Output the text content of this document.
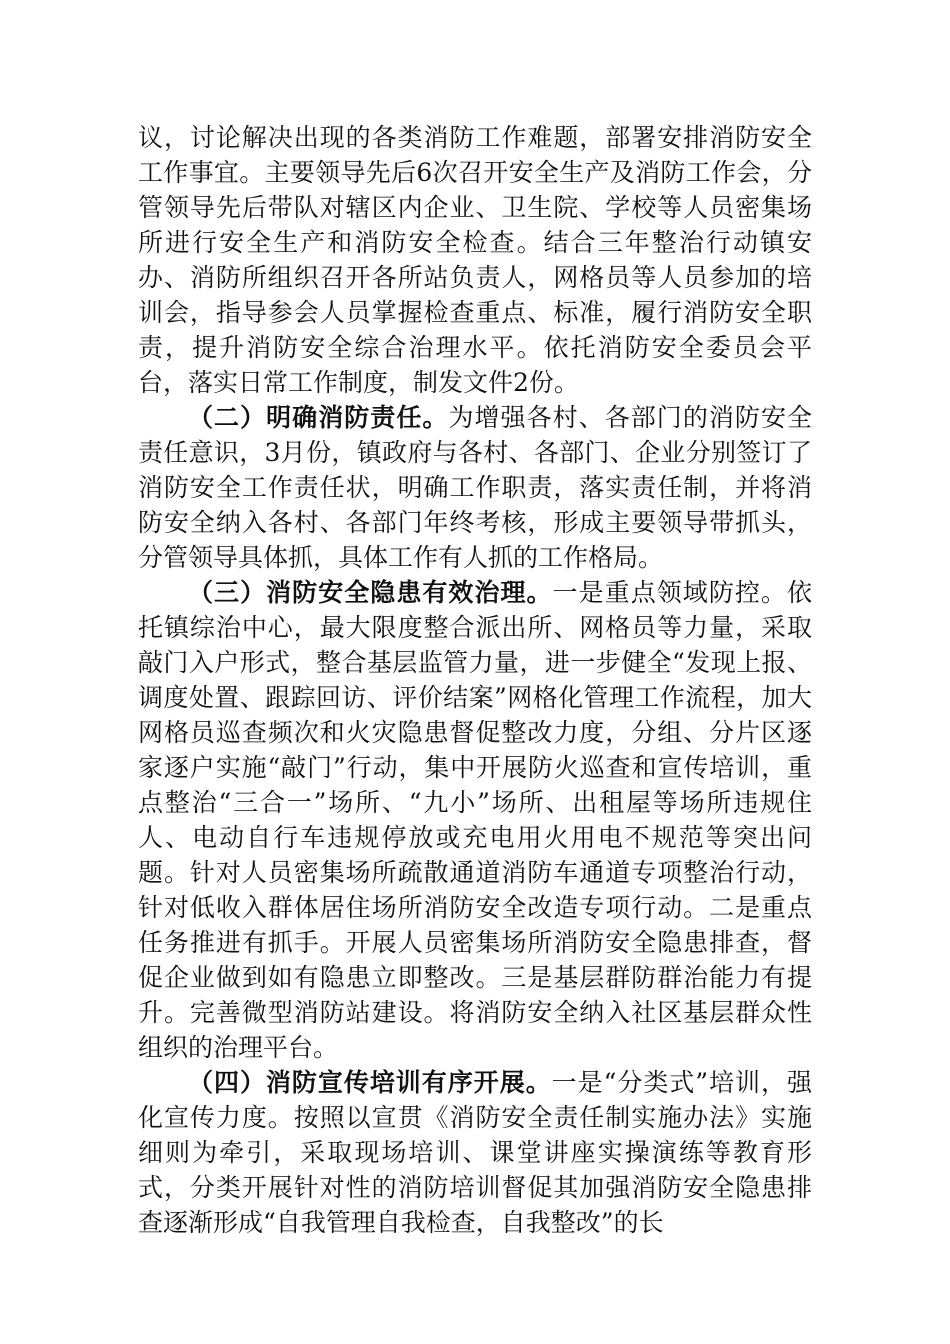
议，讨论解决出现的各类消防工作难题，部署安排消防安全工作事宜。主要领导先后6次召开安全生产及消防工作会，分管领导先后带队对辖区内企业、卫生院、学校等人员密集场所进行安全生产和消防安全检查。结合三年整治行动镇安办、消防所组织召开各所站负责人，网格员等人员参加的培训会，指导参会人员掌握检查重点、标准，履行消防安全职责，提升消防安全综合治理水平。依托消防安全委员会平台，落实日常工作制度，制发文件2份。

（二）明确消防责任。为增强各村、各部门的消防安全责任意识，3月份，镇政府与各村、各部门、企业分别签订了消防安全工作责任状，明确工作职责，落实责任制，并将消防安全纳入各村、各部门年终考核，形成主要领导带抓头，分管领导具体抓，具体工作有人抓的工作格局。

（三）消防安全隐患有效治理。一是重点领域防控。依托镇综治中心，最大限度整合派出所、网格员等力量，采取敲门入户形式，整合基层监管力量，进一步健全“发现上报、调度处置、跟踪回访、评价结案”网格化管理工作流程，加大网格员巡查频次和火灾隐患督促整改力度，分组、分片区逐家逐户实施“敲门”行动，集中开展防火巡查和宣传培训，重点整治“三合一”场所、“九小”场所、出租屋等场所违规住人、电动自行车违规停放或充电用火用电不规范等突出问题。针对人员密集场所疏散通道消防车通道专项整治行动，针对低收入群体居住场所消防安全改造专项行动。二是重点任务推进有抓手。开展人员密集场所消防安全隐患排查，督促企业做到如有隐患立即整改。三是基层群防群治能力有提升。完善微型消防站建设。将消防安全纳入社区基层群众性组织的治理平台。

（四）消防宣传培训有序开展。一是“分类式”培训，强化宣传力度。按照以宣贯《消防安全责任制实施办法》实施细则为牵引，采取现场培训、课堂讲座实操演练等教育形式，分类开展针对性的消防培训督促其加强消防安全隐患排查逐渐形成“自我管理自我检查，自我整改”的长
